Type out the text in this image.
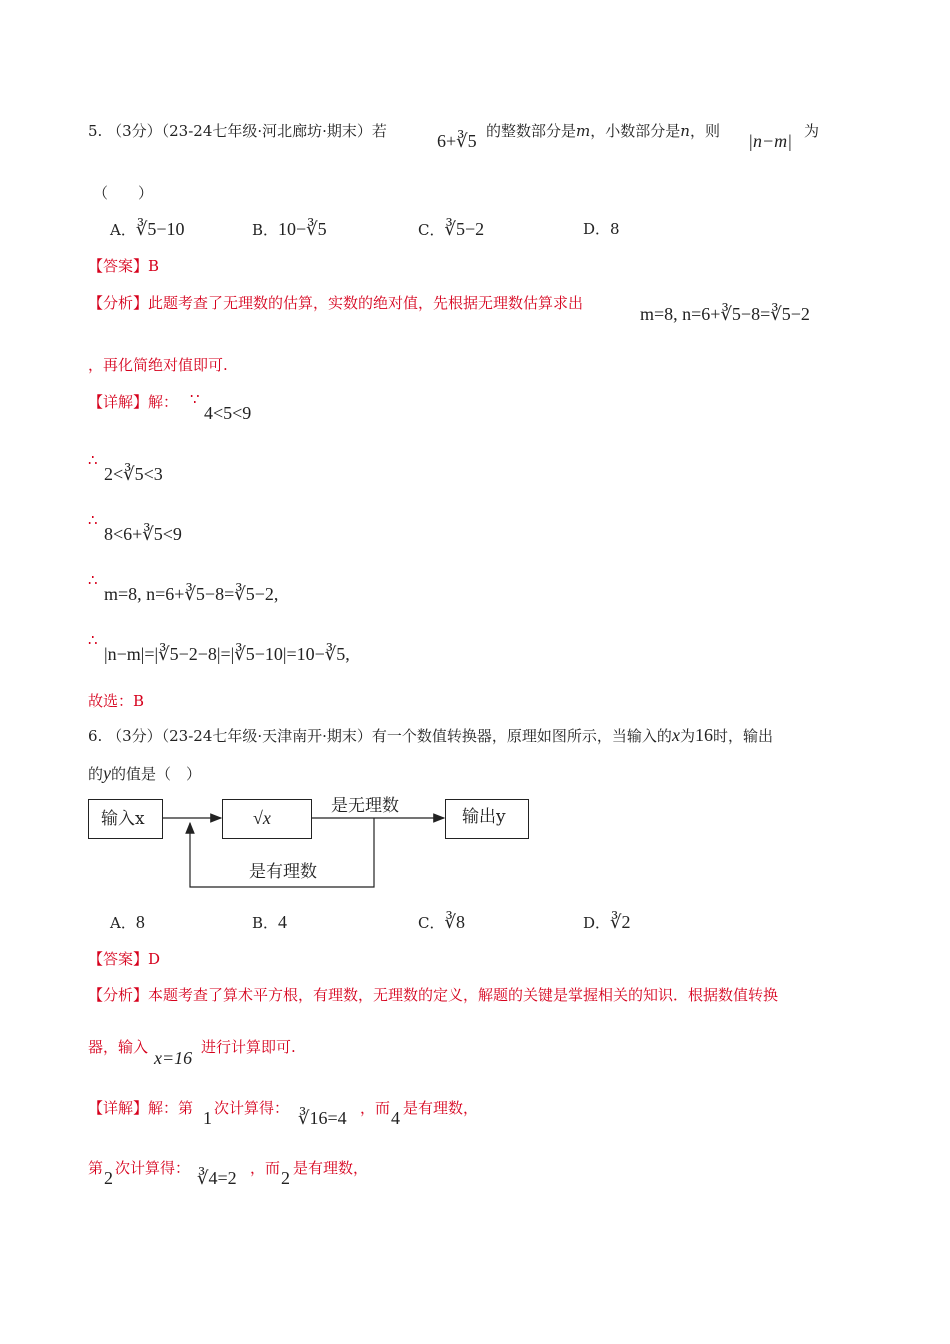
5. （3分）（23-24七年级·河北廊坊·期末）若	6+∛5 的整数部分是m，小数部分是n，则 |n−m| 为
（　　）
A．∛5−10	B．10−∛5	C．∛5−2	D．8
【答案】B
【分析】此题考查了无理数的估算，实数的绝对值，先根据无理数估算求出
m=8, n=6+∛5−8=∛5−2
，再化简绝对值即可.
【详解】解： ∵
4<5<9
∴
2<∛5<3
∴
8<6+∛5<9
∴
m=8, n=6+∛5−8=∛5−2,
∴
|n−m|=|∛5−2−8|=|∛5−10|=10−∛5,
故选：B
6. （3分）（23-24七年级·天津南开·期末）有一个数值转换器，原理如图所示，当输入的x为16时，输出
的y的值是（　）
输入x	√x
是无理数
输出y
是有理数
A．8	B．4	C．∛8	D．∛2
【答案】D
【分析】本题考查了算术平方根，有理数，无理数的定义，解题的关键是掌握相关的知识．根据数值转换
器，输入
x=16
进行计算即可.
【详解】解：第 1 次计算得： ∛16=4 ，而 4 是有理数，
第 2 次计算得： ∛4=2 ，而 2 是有理数，
